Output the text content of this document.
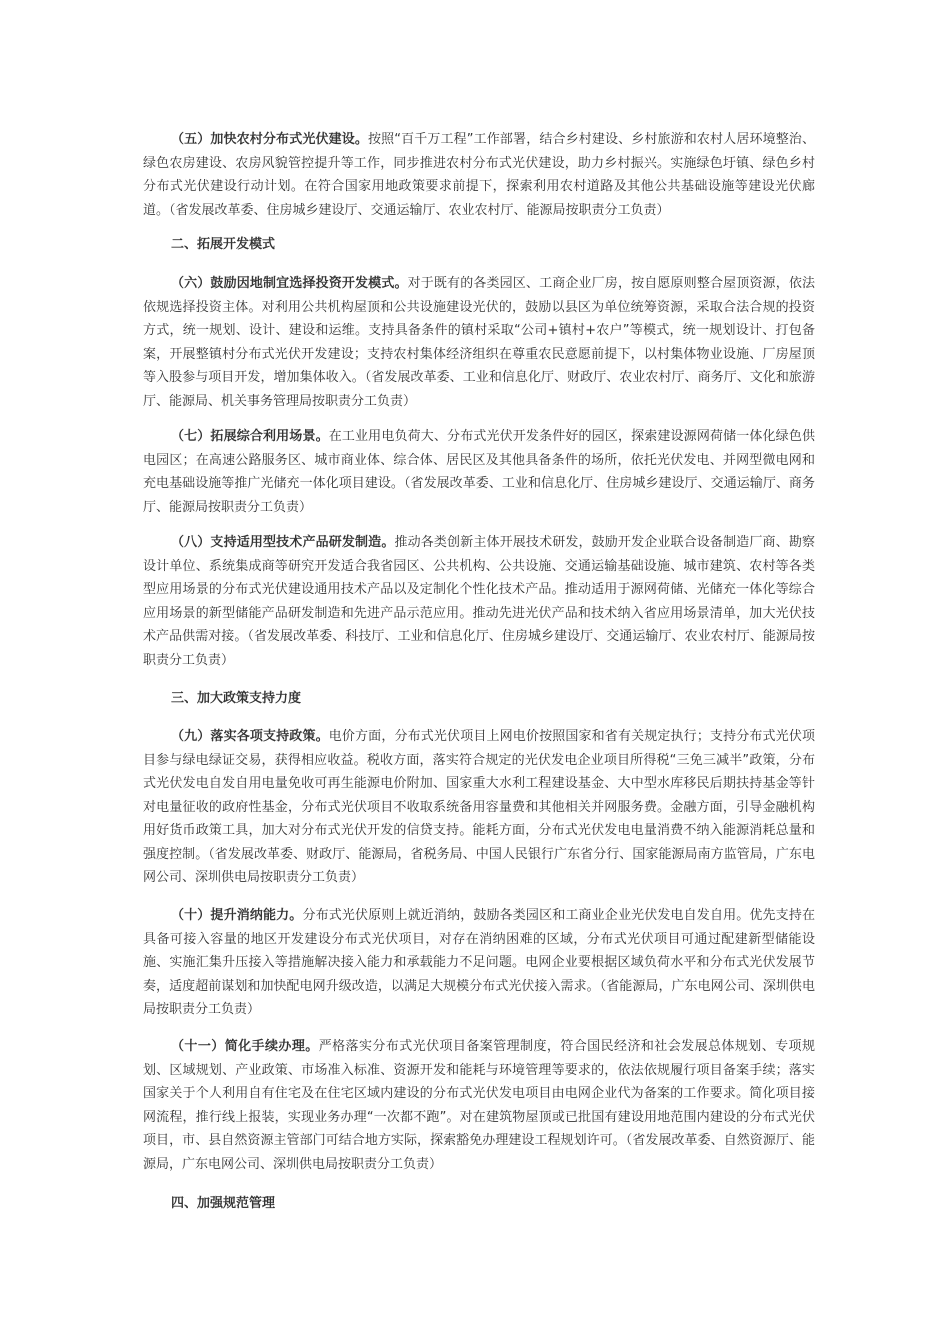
（五）加快农村分布式光伏建设。按照“百千万工程”工作部署，结合乡村建设、乡村旅游和农村人居环境整治、绿色农房建设、农房风貌管控提升等工作，同步推进农村分布式光伏建设，助力乡村振兴。实施绿色圩镇、绿色乡村分布式光伏建设行动计划。在符合国家用地政策要求前提下，探索利用农村道路及其他公共基础设施等建设光伏廊道。（省发展改革委、住房城乡建设厅、交通运输厅、农业农村厅、能源局按职责分工负责）

二、拓展开发模式

（六）鼓励因地制宜选择投资开发模式。对于既有的各类园区、工商企业厂房，按自愿原则整合屋顶资源，依法依规选择投资主体。对利用公共机构屋顶和公共设施建设光伏的，鼓励以县区为单位统筹资源，采取合法合规的投资方式，统一规划、设计、建设和运维。支持具备条件的镇村采取“公司+镇村+农户”等模式，统一规划设计、打包备案，开展整镇村分布式光伏开发建设；支持农村集体经济组织在尊重农民意愿前提下，以村集体物业设施、厂房屋顶等入股参与项目开发，增加集体收入。（省发展改革委、工业和信息化厅、财政厅、农业农村厅、商务厅、文化和旅游厅、能源局、机关事务管理局按职责分工负责）

（七）拓展综合利用场景。在工业用电负荷大、分布式光伏开发条件好的园区，探索建设源网荷储一体化绿色供电园区；在高速公路服务区、城市商业体、综合体、居民区及其他具备条件的场所，依托光伏发电、并网型微电网和充电基础设施等推广光储充一体化项目建设。（省发展改革委、工业和信息化厅、住房城乡建设厅、交通运输厅、商务厅、能源局按职责分工负责）

（八）支持适用型技术产品研发制造。推动各类创新主体开展技术研发，鼓励开发企业联合设备制造厂商、勘察设计单位、系统集成商等研究开发适合我省园区、公共机构、公共设施、交通运输基础设施、城市建筑、农村等各类型应用场景的分布式光伏建设通用技术产品以及定制化个性化技术产品。推动适用于源网荷储、光储充一体化等综合应用场景的新型储能产品研发制造和先进产品示范应用。推动先进光伏产品和技术纳入省应用场景清单，加大光伏技术产品供需对接。（省发展改革委、科技厅、工业和信息化厅、住房城乡建设厅、交通运输厅、农业农村厅、能源局按职责分工负责）

三、加大政策支持力度

（九）落实各项支持政策。电价方面，分布式光伏项目上网电价按照国家和省有关规定执行；支持分布式光伏项目参与绿电绿证交易，获得相应收益。税收方面，落实符合规定的光伏发电企业项目所得税“三免三减半”政策，分布式光伏发电自发自用电量免收可再生能源电价附加、国家重大水利工程建设基金、大中型水库移民后期扶持基金等针对电量征收的政府性基金，分布式光伏项目不收取系统备用容量费和其他相关并网服务费。金融方面，引导金融机构用好货币政策工具，加大对分布式光伏开发的信贷支持。能耗方面，分布式光伏发电电量消费不纳入能源消耗总量和强度控制。（省发展改革委、财政厅、能源局，省税务局、中国人民银行广东省分行、国家能源局南方监管局，广东电网公司、深圳供电局按职责分工负责）

（十）提升消纳能力。分布式光伏原则上就近消纳，鼓励各类园区和工商业企业光伏发电自发自用。优先支持在具备可接入容量的地区开发建设分布式光伏项目，对存在消纳困难的区域，分布式光伏项目可通过配建新型储能设施、实施汇集升压接入等措施解决接入能力和承载能力不足问题。电网企业要根据区域负荷水平和分布式光伏发展节奏，适度超前谋划和加快配电网升级改造，以满足大规模分布式光伏接入需求。（省能源局，广东电网公司、深圳供电局按职责分工负责）

（十一）简化手续办理。严格落实分布式光伏项目备案管理制度，符合国民经济和社会发展总体规划、专项规划、区域规划、产业政策、市场准入标准、资源开发和能耗与环境管理等要求的，依法依规履行项目备案手续；落实国家关于个人利用自有住宅及在住宅区域内建设的分布式光伏发电项目由电网企业代为备案的工作要求。简化项目接网流程，推行线上报装，实现业务办理“一次都不跑”。对在建筑物屋顶或已批国有建设用地范围内建设的分布式光伏项目，市、县自然资源主管部门可结合地方实际，探索豁免办理建设工程规划许可。（省发展改革委、自然资源厅、能源局，广东电网公司、深圳供电局按职责分工负责）

四、加强规范管理
